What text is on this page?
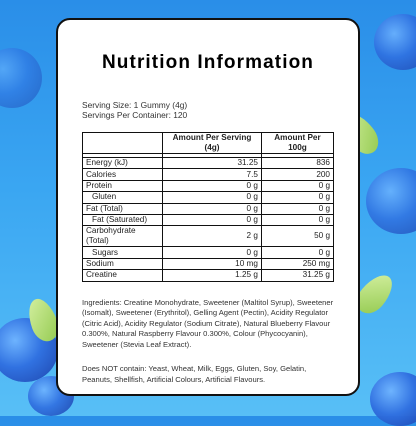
Nutrition Information
Serving Size: 1 Gummy (4g)
Servings Per Container: 120
	Amount Per Serving (4g)	Amount Per 100g

Energy (kJ)	31.25	836
Calories	7.5	200
Protein	0 g	0 g
Gluten	0 g	0 g
Fat (Total)	0 g	0 g
Fat (Saturated)	0 g	0 g
Carbohydrate (Total)	2 g	50 g
Sugars	0 g	0 g
Sodium	10 mg	250 mg
Creatine	1.25 g	31.25 g
Ingredients: Creatine Monohydrate, Sweetener (Maltitol Syrup), Sweetener (Isomalt), Sweetener (Erythritol), Gelling Agent (Pectin), Acidity Regulator (Citric Acid), Acidity Regulator (Sodium Citrate), Natural Blueberry Flavour 0.300%, Natural Raspberry Flavour 0.300%, Colour (Phycocyanin), Sweetener (Stevia Leaf Extract).
Does NOT contain: Yeast, Wheat, Milk, Eggs, Gluten, Soy, Gelatin, Peanuts, Shellfish, Artificial Colours, Artificial Flavours.
